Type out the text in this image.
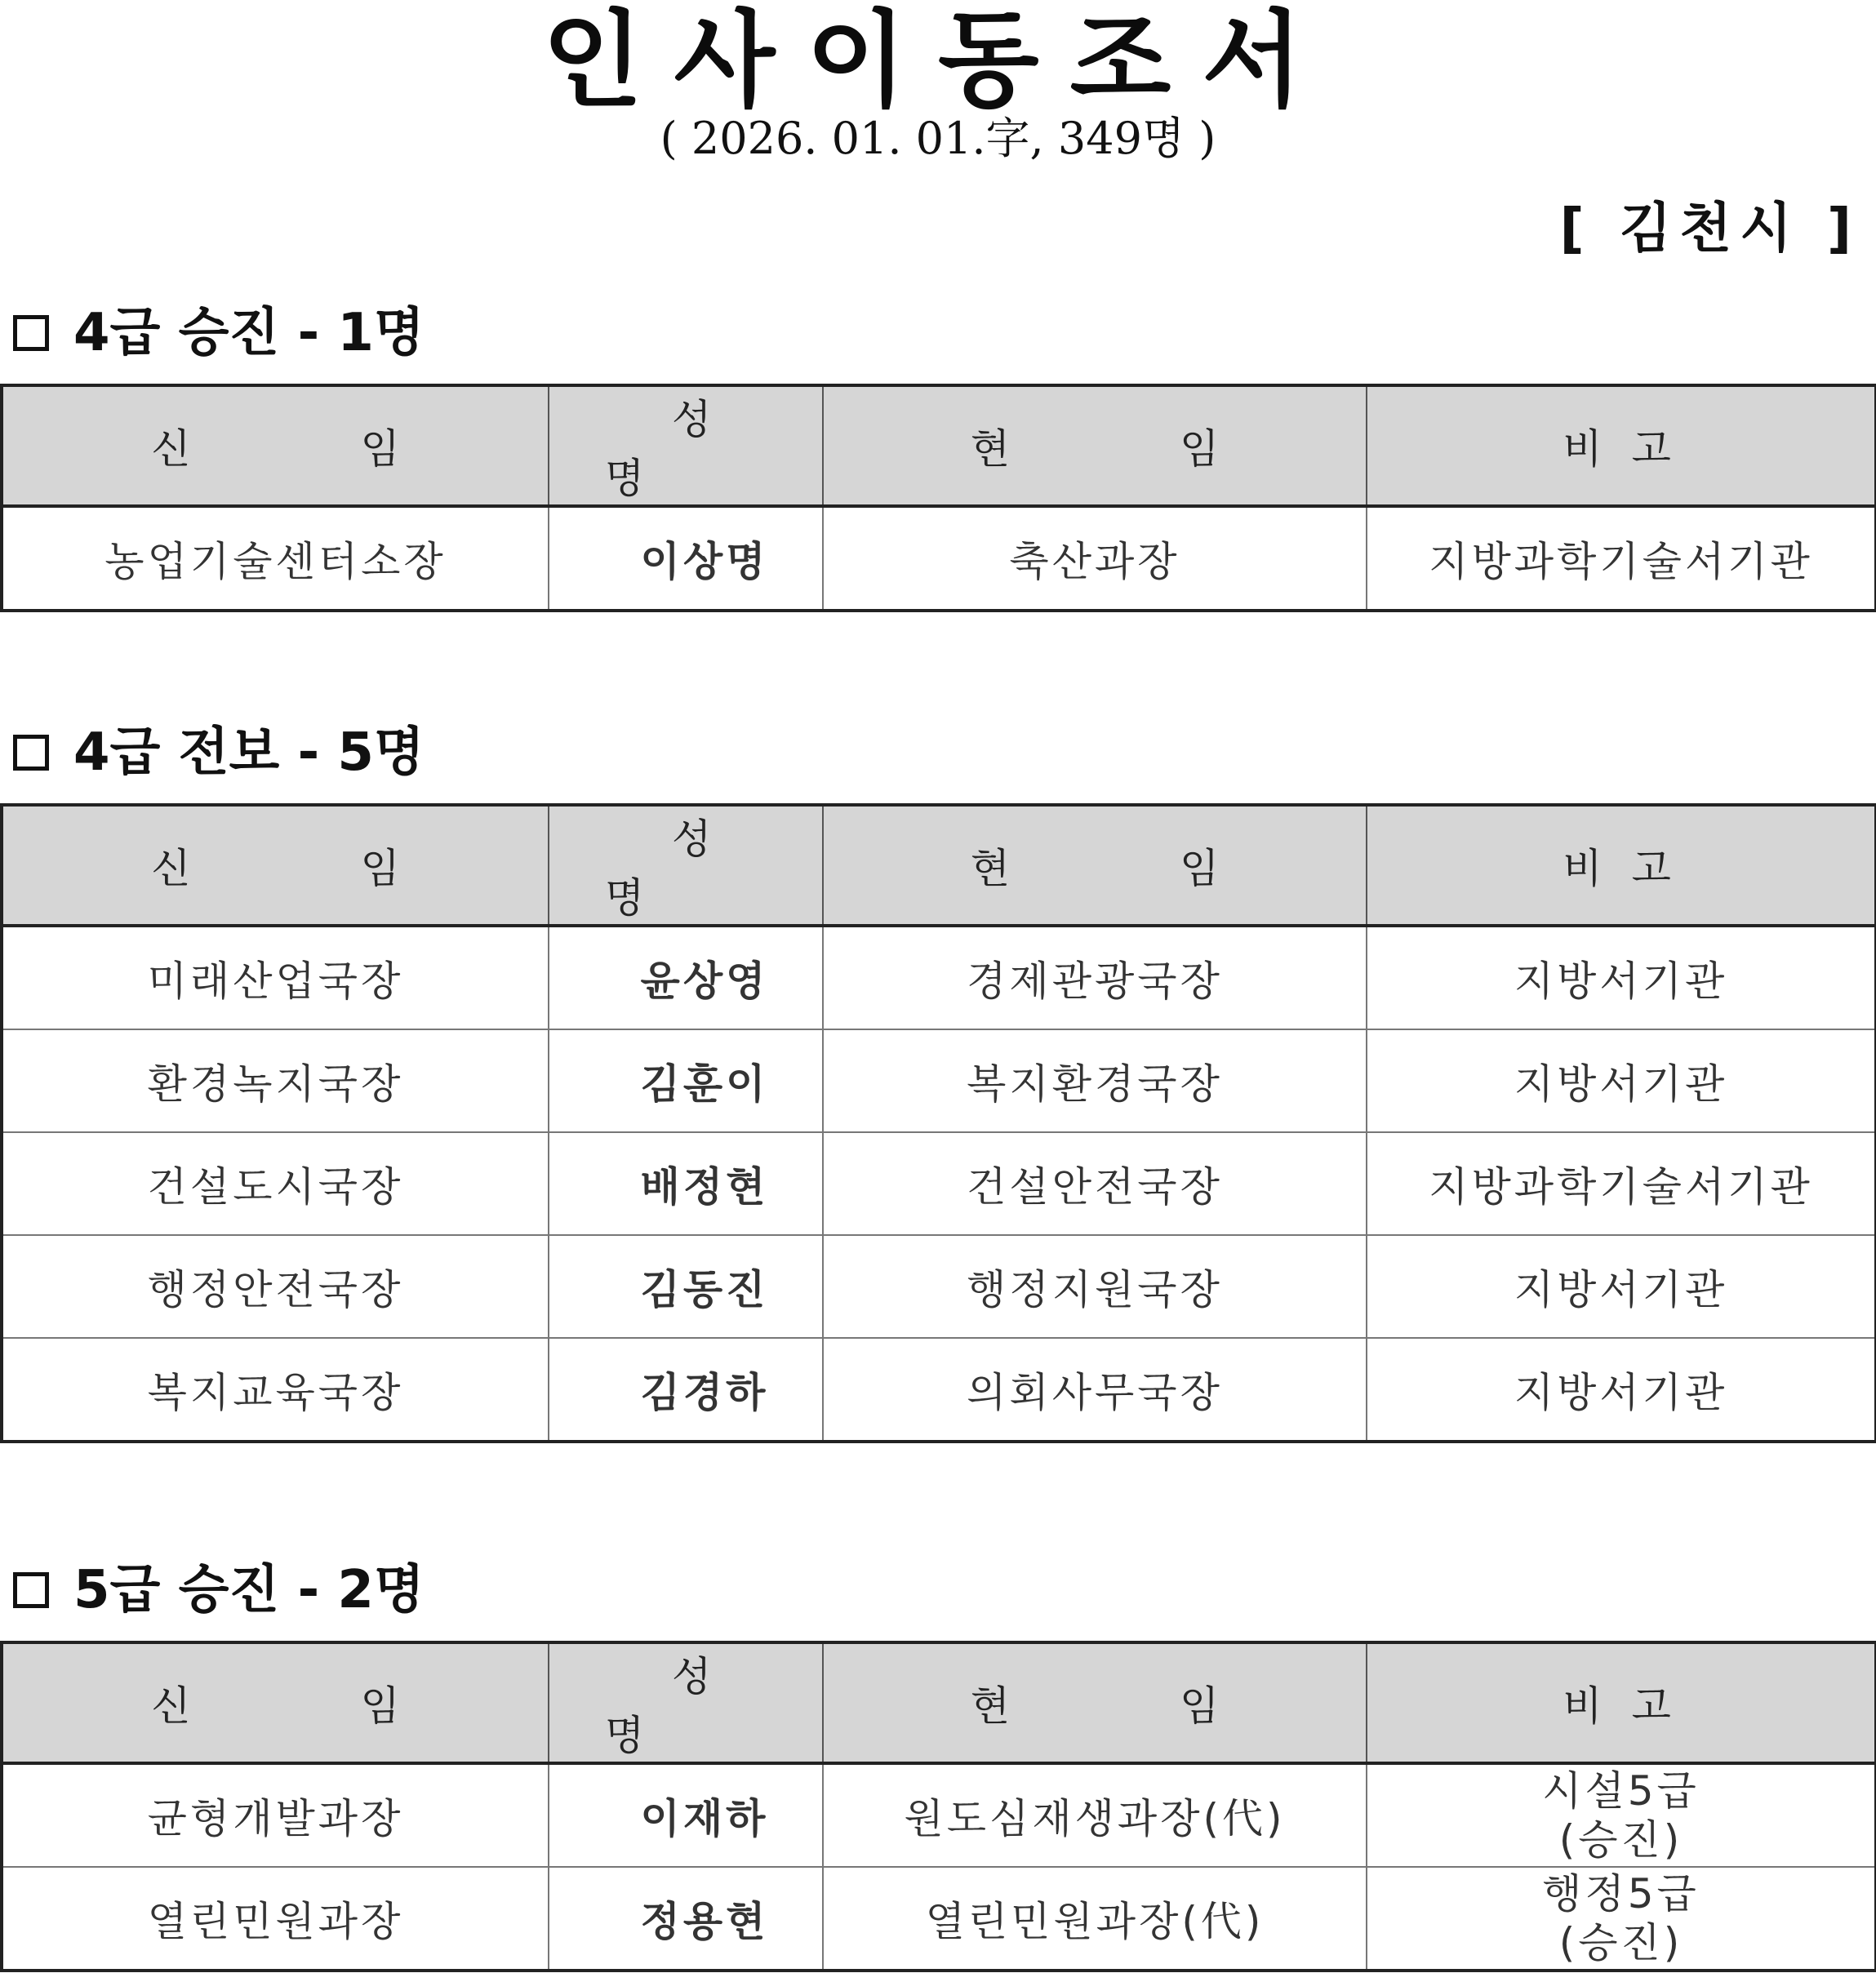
인사이동조서
( 2026. 01. 01.字, 349명 )
[ 김천시 ]
4급 승진 - 1명
신 임	성 명	현 임	비 고
농업기술센터소장	이상명	축산과장	지방과학기술서기관
4급 전보 - 5명
신 임	성 명	현 임	비 고
미래산업국장	윤상영	경제관광국장	지방서기관
환경녹지국장	김훈이	복지환경국장	지방서기관
건설도시국장	배정현	건설안전국장	지방과학기술서기관
행정안전국장	김동진	행정지원국장	지방서기관
복지교육국장	김경하	의회사무국장	지방서기관
5급 승진 - 2명
신 임	성 명	현 임	비 고
균형개발과장	이재하	원도심재생과장(代)	시설5급
(승진)

열린민원과장	정용현	열린민원과장(代)	행정5급
(승진)
